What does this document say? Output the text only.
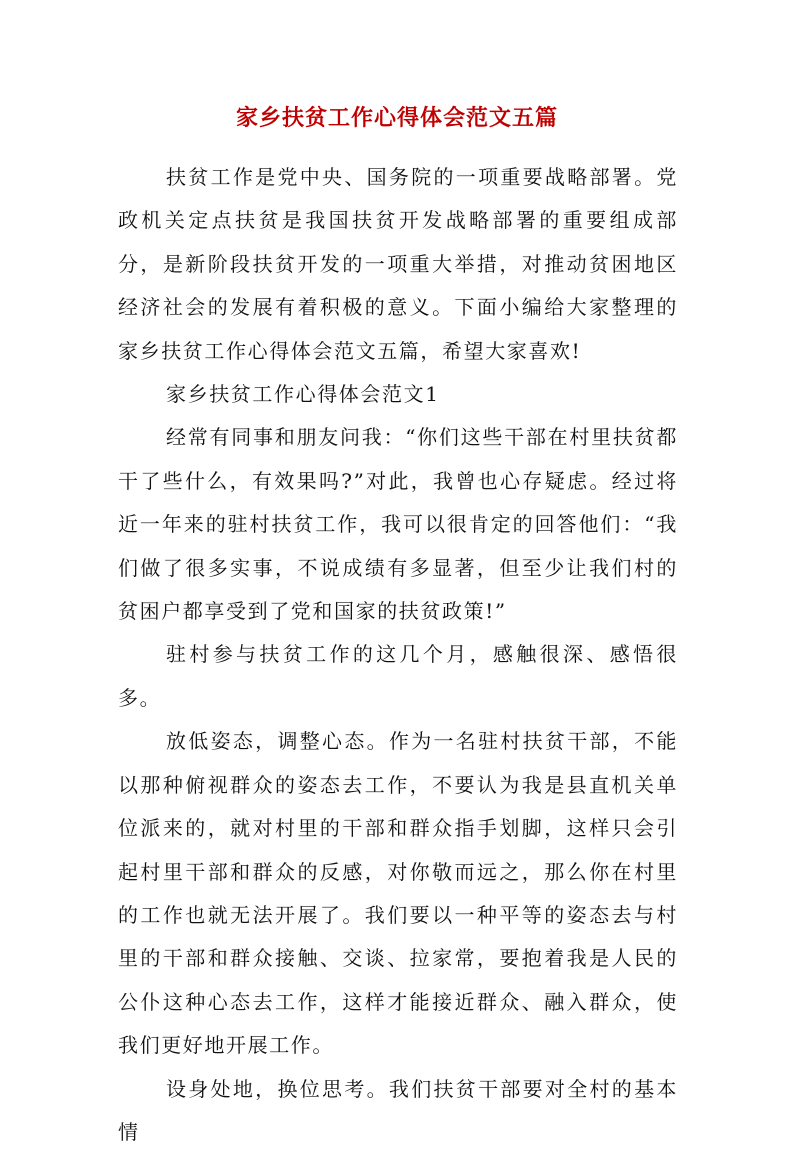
家乡扶贫工作心得体会范文五篇

扶贫工作是党中央、国务院的一项重要战略部署。党政机关定点扶贫是我国扶贫开发战略部署的重要组成部分，是新阶段扶贫开发的一项重大举措，对推动贫困地区经济社会的发展有着积极的意义。下面小编给大家整理的家乡扶贫工作心得体会范文五篇，希望大家喜欢!

家乡扶贫工作心得体会范文1

经常有同事和朋友问我：“你们这些干部在村里扶贫都干了些什么，有效果吗?”对此，我曾也心存疑虑。经过将近一年来的驻村扶贫工作，我可以很肯定的回答他们：“我们做了很多实事，不说成绩有多显著，但至少让我们村的贫困户都享受到了党和国家的扶贫政策!”

驻村参与扶贫工作的这几个月，感触很深、感悟很多。

放低姿态，调整心态。作为一名驻村扶贫干部，不能以那种俯视群众的姿态去工作，不要认为我是县直机关单位派来的，就对村里的干部和群众指手划脚，这样只会引起村里干部和群众的反感，对你敬而远之，那么你在村里的工作也就无法开展了。我们要以一种平等的姿态去与村里的干部和群众接触、交谈、拉家常，要抱着我是人民的公仆这种心态去工作，这样才能接近群众、融入群众，使我们更好地开展工作。

设身处地，换位思考。我们扶贫干部要对全村的基本情
